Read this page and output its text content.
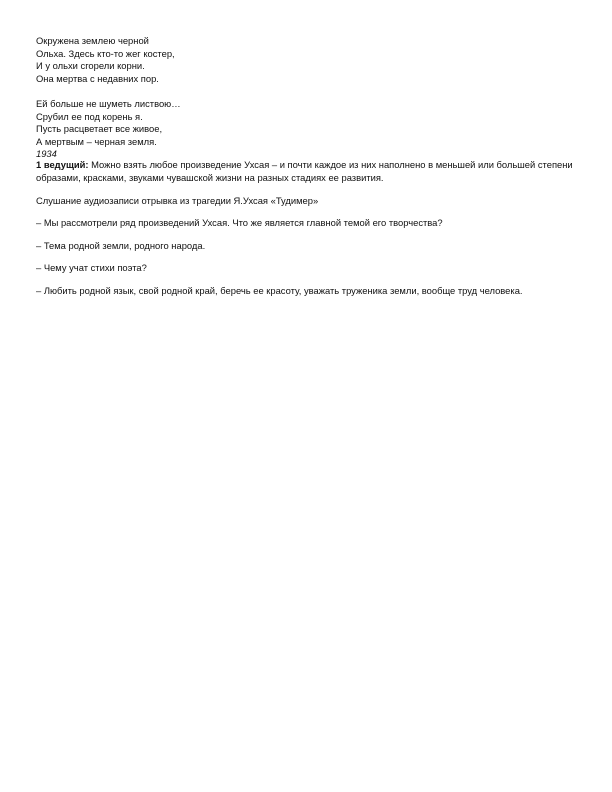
Окружена землею черной
Ольха. Здесь кто-то жег костер,
И у ольхи сгорели корни.
Она мертва с недавних пор.
Ей больше не шуметь листвою…
Срубил ее под корень я.
Пусть расцветает все живое,
А мертвым – черная земля.
1934

1 ведущий: Можно взять любое произведение Ухсая – и почти каждое из них наполнено в меньшей или большей степени образами, красками, звуками чувашской жизни на разных стадиях ее развития.

Слушание аудиозаписи отрывка из трагедии Я.Ухсая «Тудимер»

– Мы рассмотрели ряд произведений Ухсая. Что же является главной темой его творчества?

– Тема родной земли, родного народа.

– Чему учат стихи поэта?

– Любить родной язык, свой родной край, беречь ее красоту, уважать труженика земли, вообще труд человека.
